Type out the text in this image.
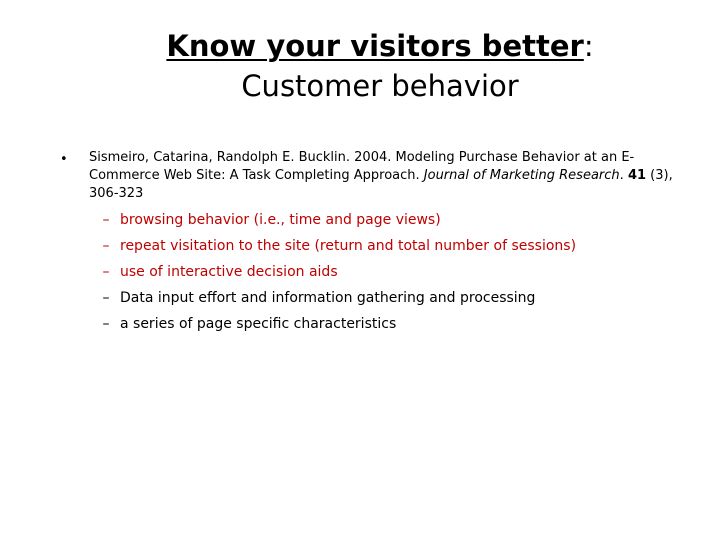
Know your visitors better:
Customer behavior
• Sismeiro, Catarina, Randolph E. Bucklin. 2004. Modeling Purchase Behavior at an E-Commerce Web Site: A Task Completing Approach. Journal of Marketing Research. 41 (3), 306-323
– browsing behavior (i.e., time and page views)
– repeat visitation to the site (return and total number of sessions)
– use of interactive decision aids
– Data input effort and information gathering and processing
– a series of page specific characteristics
